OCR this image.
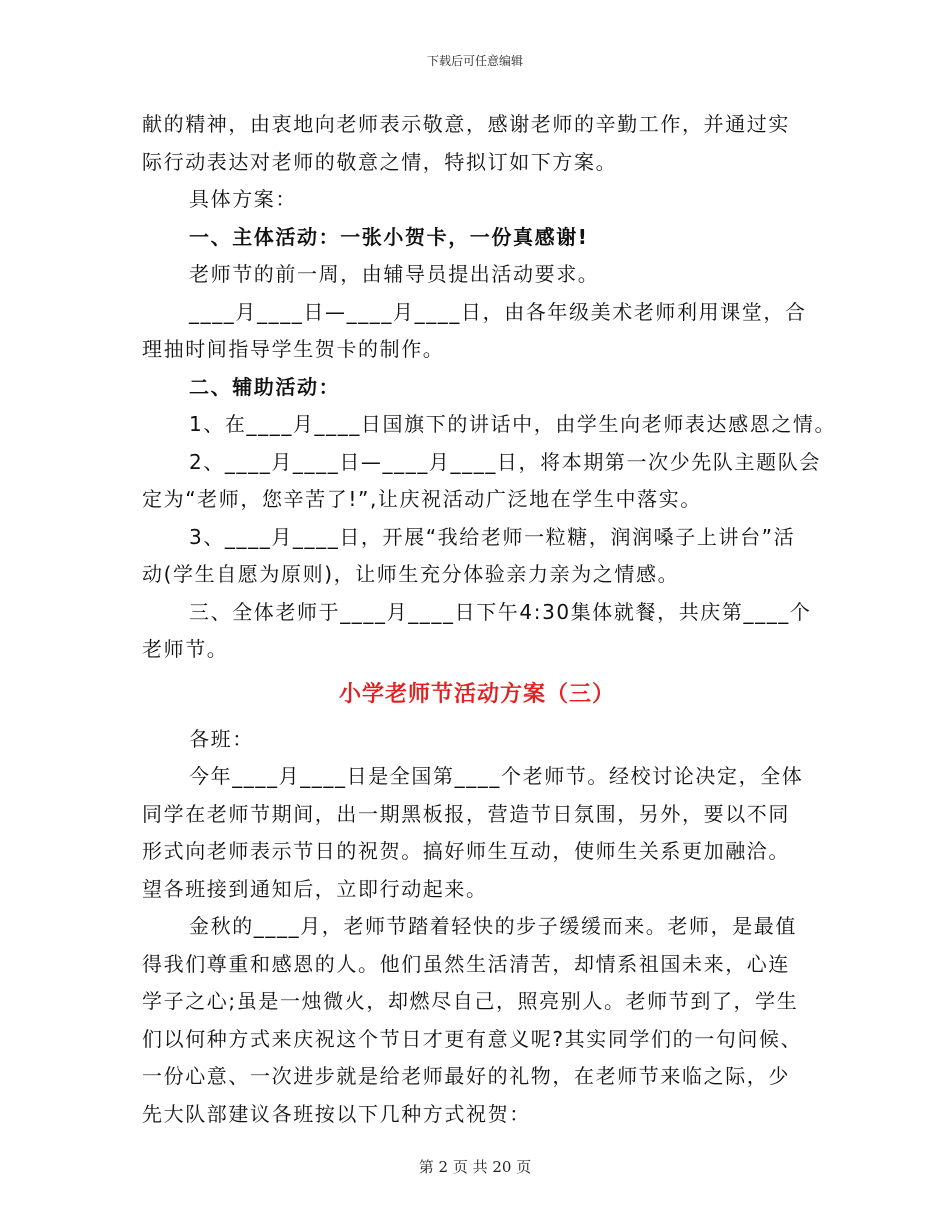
下载后可任意编辑
献的精神，由衷地向老师表示敬意，感谢老师的辛勤工作，并通过实
际行动表达对老师的敬意之情，特拟订如下方案。
具体方案：
一、主体活动：一张小贺卡，一份真感谢!
老师节的前一周，由辅导员提出活动要求。
____月____日—____月____日，由各年级美术老师利用课堂，合
理抽时间指导学生贺卡的制作。
二、辅助活动：
1、在____月____日国旗下的讲话中，由学生向老师表达感恩之情。
2、____月____日—____月____日，将本期第一次少先队主题队会
定为“老师，您辛苦了!”,让庆祝活动广泛地在学生中落实。
3、____月____日，开展“我给老师一粒糖，润润嗓子上讲台”活
动(学生自愿为原则)，让师生充分体验亲力亲为之情感。
三、全体老师于____月____日下午4:30集体就餐，共庆第____个
老师节。
小学老师节活动方案（三）
各班：
今年____月____日是全国第____个老师节。经校讨论决定，全体
同学在老师节期间，出一期黑板报，营造节日氛围，另外，要以不同
形式向老师表示节日的祝贺。搞好师生互动，使师生关系更加融洽。
望各班接到通知后，立即行动起来。
金秋的____月，老师节踏着轻快的步子缓缓而来。老师，是最值
得我们尊重和感恩的人。他们虽然生活清苦，却情系祖国未来，心连
学子之心;虽是一烛微火，却燃尽自己，照亮别人。老师节到了，学生
们以何种方式来庆祝这个节日才更有意义呢?其实同学们的一句问候、
一份心意、一次进步就是给老师最好的礼物，在老师节来临之际，少
先大队部建议各班按以下几种方式祝贺：
第 2 页 共 20 页
